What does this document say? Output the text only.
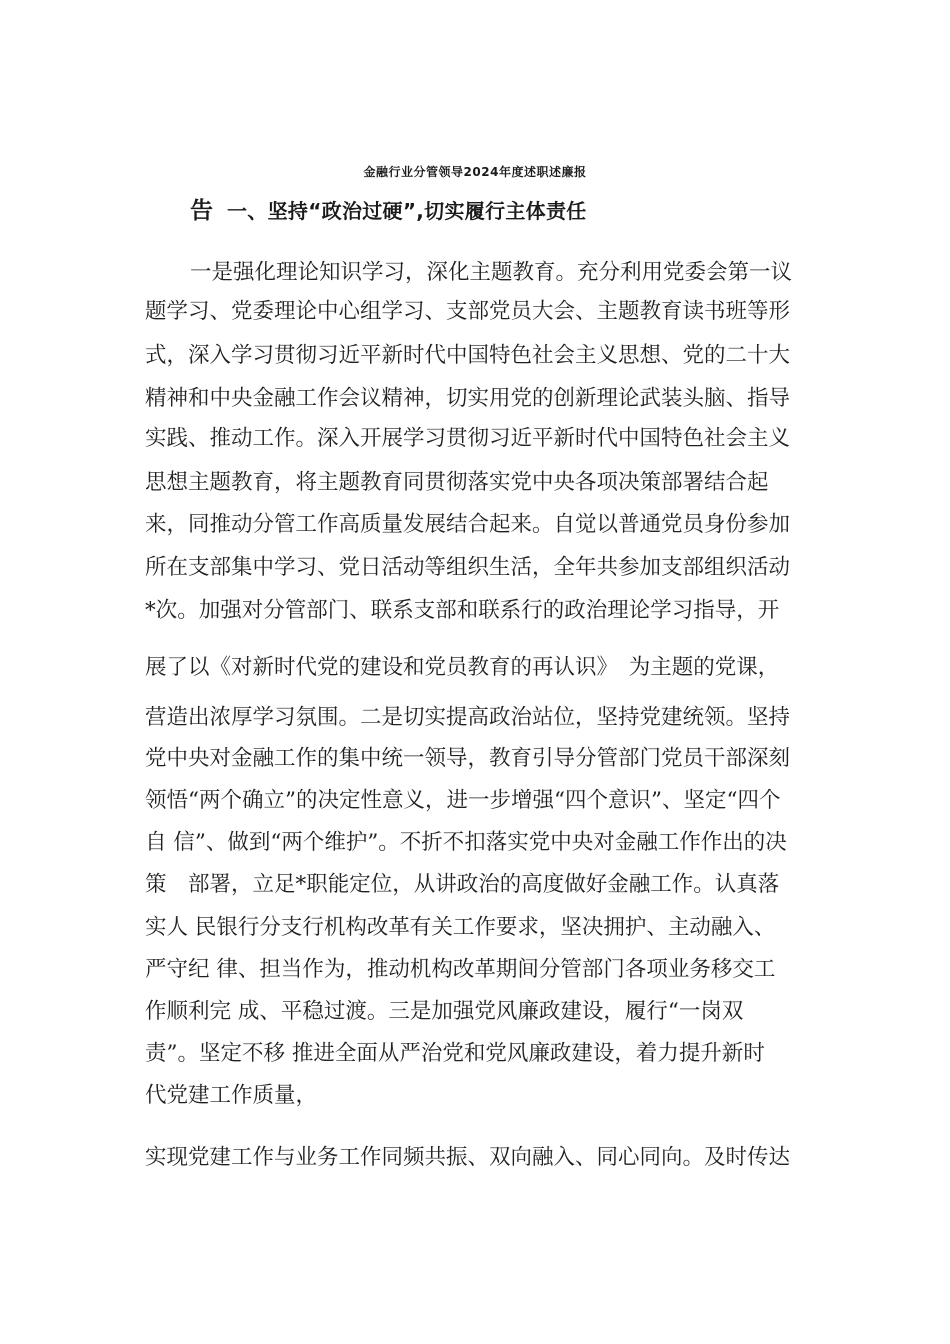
金融行业分管领导2024年度述职述廉报
告 一、坚持“政治过硬”,切实履行主体责任
一是强化理论知识学习，深化主题教育。充分利用党委会第一议
题学习、党委理论中心组学习、支部党员大会、主题教育读书班等形
式，深入学习贯彻习近平新时代中国特色社会主义思想、党的二十大
精神和中央金融工作会议精神，切实用党的创新理论武装头脑、指导
实践、推动工作。深入开展学习贯彻习近平新时代中国特色社会主义
思想主题教育，将主题教育同贯彻落实党中央各项决策部署结合起
来，同推动分管工作高质量发展结合起来。自觉以普通党员身份参加
所在支部集中学习、党日活动等组织生活，全年共参加支部组织活动
*次。加强对分管部门、联系支部和联系行的政治理论学习指导，开
展了以《对新时代党的建设和党员教育的再认识》　为主题的党课，
营造出浓厚学习氛围。二是切实提高政治站位，坚持党建统领。坚持
党中央对金融工作的集中统一领导，教育引导分管部门党员干部深刻
领悟“两个确立”的决定性意义，进一步增强“四个意识”、坚定“四个
自 信”、做到“两个维护”。不折不扣落实党中央对金融工作作出的决
策　部署，立足*职能定位，从讲政治的高度做好金融工作。认真落
实人 民银行分支行机构改革有关工作要求，坚决拥护、主动融入、
严守纪 律、担当作为，推动机构改革期间分管部门各项业务移交工
作顺利完 成、平稳过渡。三是加强党风廉政建设，履行“一岗双
责”。坚定不移 推进全面从严治党和党风廉政建设，着力提升新时
代党建工作质量，
实现党建工作与业务工作同频共振、双向融入、同心同向。及时传达
